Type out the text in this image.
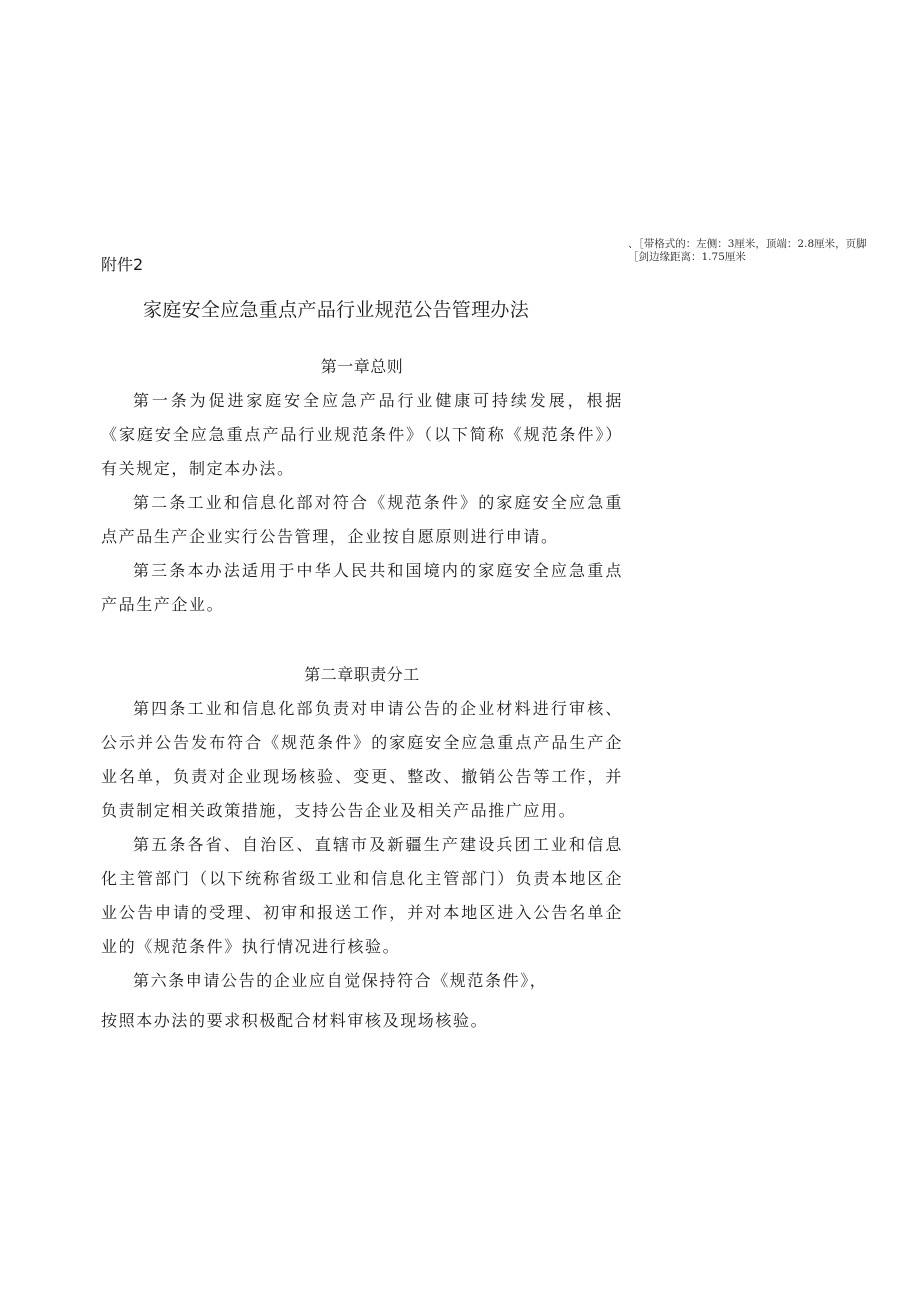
、［带格式的：左侧：3厘米，顶端：2.8厘米，页脚
［剑边缘距离：1.75厘米
附件2
家庭安全应急重点产品行业规范公告管理办法
第一章总则

第一条为促进家庭安全应急产品行业健康可持续发展，根据《家庭安全应急重点产品行业规范条件》（以下简称《规范条件》）有关规定，制定本办法。

第二条工业和信息化部对符合《规范条件》的家庭安全应急重点产品生产企业实行公告管理，企业按自愿原则进行申请。

第三条本办法适用于中华人民共和国境内的家庭安全应急重点产品生产企业。

第二章职责分工

第四条工业和信息化部负责对申请公告的企业材料进行审核、公示并公告发布符合《规范条件》的家庭安全应急重点产品生产企业名单，负责对企业现场核验、变更、整改、撤销公告等工作，并负责制定相关政策措施，支持公告企业及相关产品推广应用。

第五条各省、自治区、直辖市及新疆生产建设兵团工业和信息化主管部门（以下统称省级工业和信息化主管部门）负责本地区企业公告申请的受理、初审和报送工作，并对本地区进入公告名单企业的《规范条件》执行情况进行核验。

第六条申请公告的企业应自觉保持符合《规范条件》，

按照本办法的要求积极配合材料审核及现场核验。
